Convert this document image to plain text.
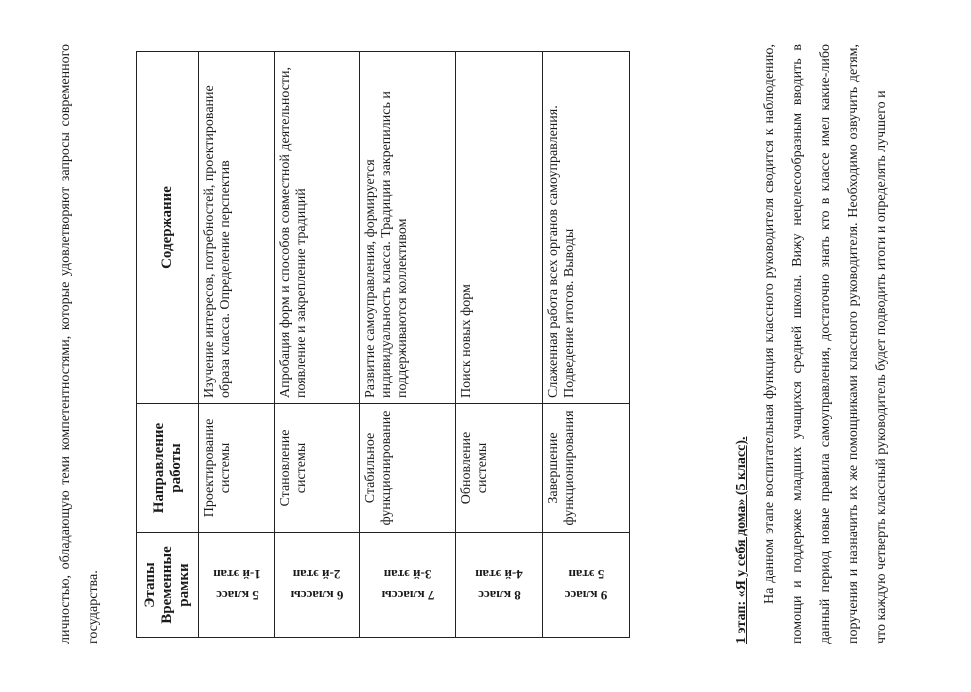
личностью, обладающую теми компетентностями, которые удовлетворяют запросы современного государства.	Этапы Временные рамки	Направление работы	Содержание

1-й этап
5 класс	Проектирование системы	Изучение интересов, потребностей, проектирование образа класса. Определение перспектив

2-й этап
6 классы	Становление системы	Апробация форм и способов совместной деятельности, появление и закрепление традиций

3-й этап
7 классы	Стабильное функционирование	Развитие самоуправления, формируется индивидуальность класса. Традиции закрепились и поддерживаются коллективом

4-й этап
8 класс	Обновление системы	Поиск новых форм

5 этап
9 класс	Завершение функционирования	Слаженная работа всех органов самоуправления. Подведение итогов. Выводы
1 этап: «Я у себя дома» (5 класс). На данном этапе воспитательная функция классного руководителя сводится к наблюдению, помощи и поддержке младших учащихся средней школы. Вижу нецелесообразным вводить в данный период новые правила самоуправления, достаточно знать кто в классе имел какие-либо поручения и назначить их же помощниками классного руководителя. Необходимо озвучить детям, что каждую четверть классный руководитель будет подводить итоги и определять лучшего и
